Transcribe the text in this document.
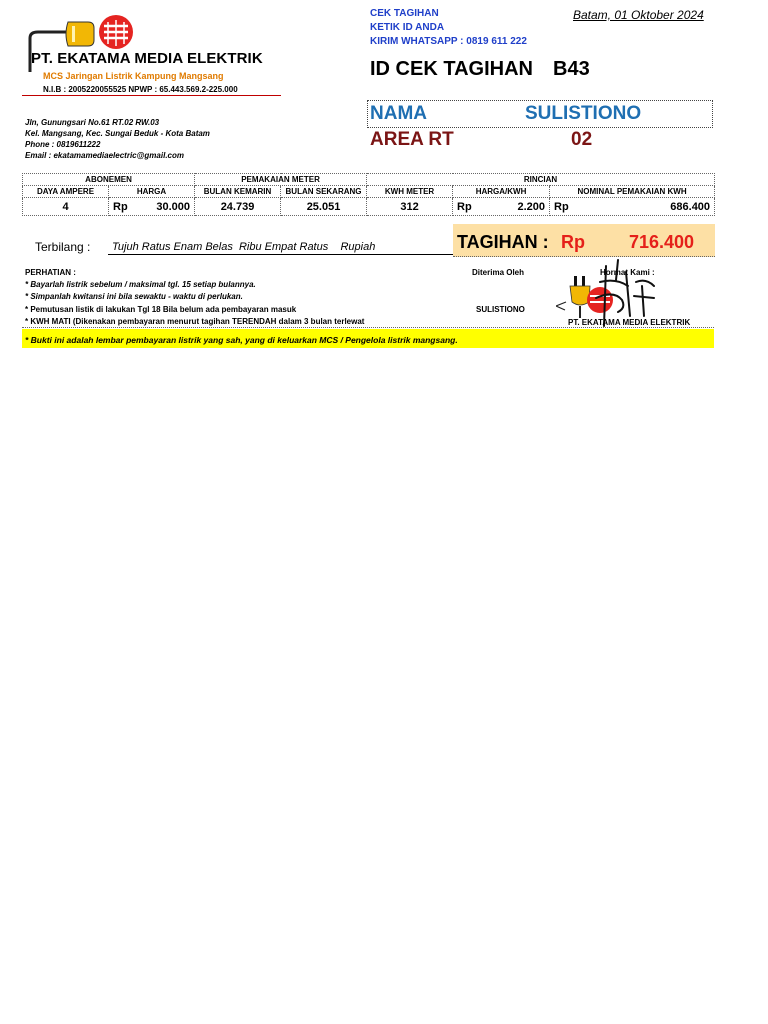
PT. EKATAMA MEDIA ELEKTRIK
MCS Jaringan Listrik Kampung Mangsang
N.I.B : 2005220055525 NPWP : 65.443.569.2-225.000
Jln, Gunungsari No.61 RT.02 RW.03
Kel. Mangsang, Kec. Sungai Beduk - Kota Batam
Phone : 0819611222
Email : ekatamamediaelectric@gmail.com
CEK TAGIHAN
KETIK ID ANDA
KIRIM WHATSAPP : 0819 611 222
Batam, 01 Oktober 2024
ID CEK TAGIHAN B43
NAMA	SULISTIONO
AREA RT	02
ABONEMEN		PEMAKAIAN METER		RINCIAN		
DAYA AMPERE	HARGA	BULAN KEMARIN	BULAN SEKARANG	KWH METER	HARGA/KWH	NOMINAL PEMAKAIAN KWH
4	Rp 30.000	24.739	25.051	312	Rp 2.200	Rp 686.400
Terbilang : Tujuh Ratus Enam Belas  Ribu Empat Ratus    Rupiah	TAGIHAN : Rp 716.400
PERHATIAN :
* Bayarlah listrik sebelum / maksimal tgl. 15 setiap bulannya.
* Simpanlah kwitansi ini bila sewaktu - waktu di perlukan.
* Pemutusan listik di lakukan Tgl 18 Bila belum ada pembayaran masuk
* KWH MATI (Dikenakan pembayaran menurut tagihan TERENDAH dalam 3 bulan terlewat
Diterima Oleh	Hormat Kami :
SULISTIONO
PT. EKATAMA MEDIA ELEKTRIK
* Bukti ini adalah lembar pembayaran listrik yang sah, yang di keluarkan MCS / Pengelola listrik mangsang.
